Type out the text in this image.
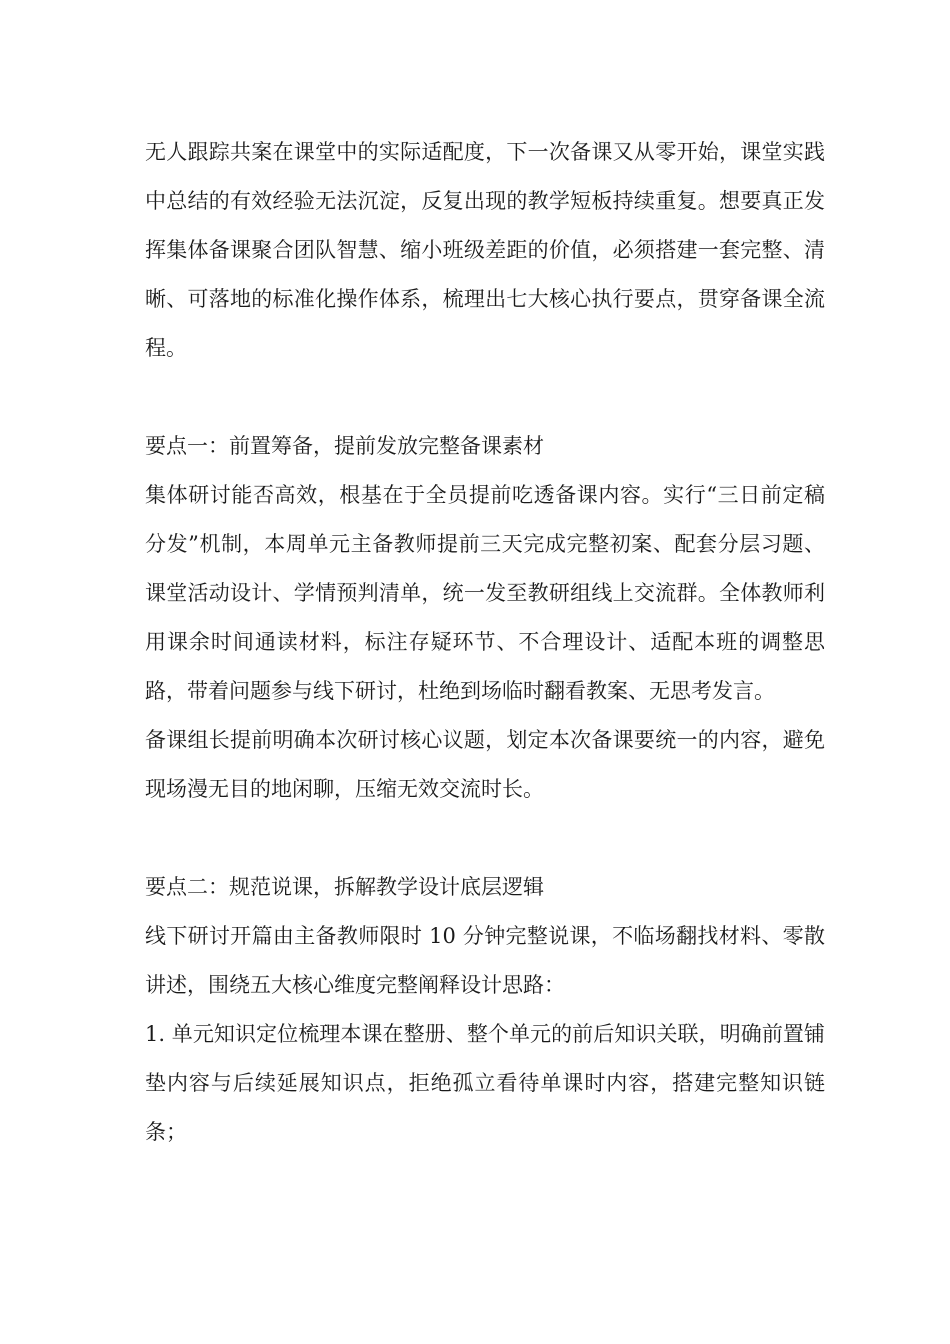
无人跟踪共案在课堂中的实际适配度，下一次备课又从零开始，课堂实践中总结的有效经验无法沉淀，反复出现的教学短板持续重复。想要真正发挥集体备课聚合团队智慧、缩小班级差距的价值，必须搭建一套完整、清晰、可落地的标准化操作体系，梳理出七大核心执行要点，贯穿备课全流程。

要点一：前置筹备，提前发放完整备课素材

集体研讨能否高效，根基在于全员提前吃透备课内容。实行“三日前定稿分发”机制，本周单元主备教师提前三天完成完整初案、配套分层习题、课堂活动设计、学情预判清单，统一发至教研组线上交流群。全体教师利用课余时间通读材料，标注存疑环节、不合理设计、适配本班的调整思路，带着问题参与线下研讨，杜绝到场临时翻看教案、无思考发言。

备课组长提前明确本次研讨核心议题，划定本次备课要统一的内容，避免现场漫无目的地闲聊，压缩无效交流时长。

要点二：规范说课，拆解教学设计底层逻辑

线下研讨开篇由主备教师限时 10 分钟完整说课，不临场翻找材料、零散讲述，围绕五大核心维度完整阐释设计思路：

1. 单元知识定位梳理本课在整册、整个单元的前后知识关联，明确前置铺垫内容与后续延展知识点，拒绝孤立看待单课时内容，搭建完整知识链条；
